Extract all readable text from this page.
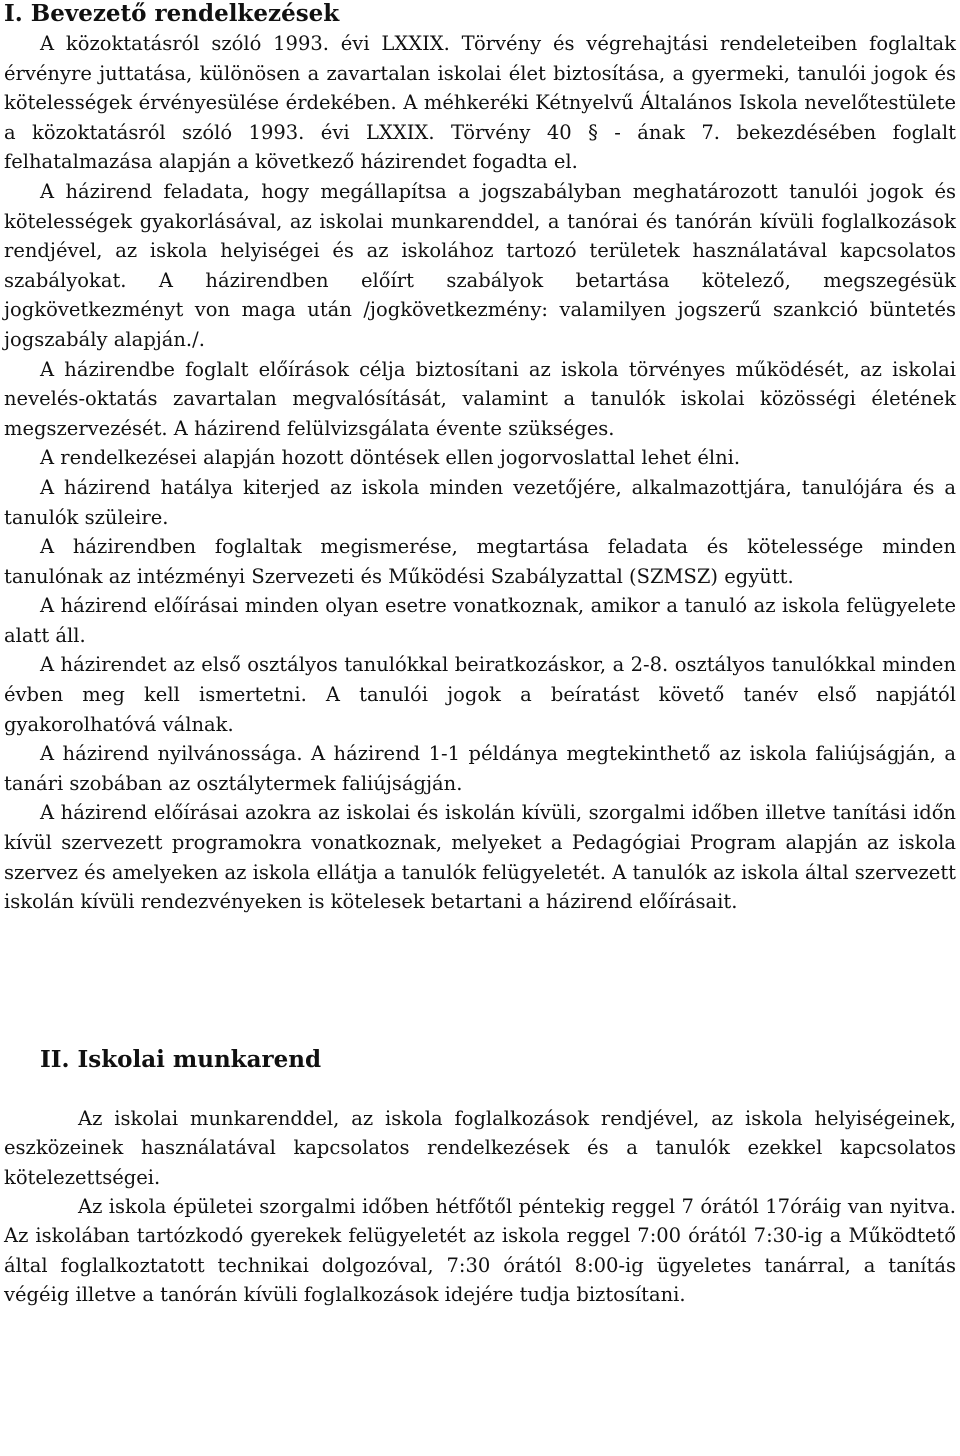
I. Bevezető rendelkezések

A közoktatásról szóló 1993. évi LXXIX. Törvény és végrehajtási rendeleteiben foglaltak érvényre juttatása, különösen a zavartalan iskolai élet biztosítása, a gyermeki, tanulói jogok és kötelességek érvényesülése érdekében. A méhkeréki Kétnyelvű Általános Iskola nevelőtestülete a közoktatásról szóló 1993. évi LXXIX. Törvény 40 § - ának 7. bekezdésében foglalt felhatalmazása alapján a következő házirendet fogadta el.

A házirend feladata, hogy megállapítsa a jogszabályban meghatározott tanulói jogok és kötelességek gyakorlásával, az iskolai munkarenddel, a tanórai és tanórán kívüli foglalkozások rendjével, az iskola helyiségei és az iskolához tartozó területek használatával kapcsolatos szabályokat. A házirendben előírt szabályok betartása kötelező, megszegésük jogkövetkezményt von maga után /jogkövetkezmény: valamilyen jogszerű szankció büntetés jogszabály alapján./.

A házirendbe foglalt előírások célja biztosítani az iskola törvényes működését, az iskolai nevelés-oktatás zavartalan megvalósítását, valamint a tanulók iskolai közösségi életének megszervezését. A házirend felülvizsgálata évente szükséges.

A rendelkezései alapján hozott döntések ellen jogorvoslattal lehet élni.

A házirend hatálya kiterjed az iskola minden vezetőjére, alkalmazottjára, tanulójára és a tanulók szüleire.

A házirendben foglaltak megismerése, megtartása feladata és kötelessége minden tanulónak az intézményi Szervezeti és Működési Szabályzattal (SZMSZ) együtt.

A házirend előírásai minden olyan esetre vonatkoznak, amikor a tanuló az iskola felügyelete alatt áll.

A házirendet az első osztályos tanulókkal beiratkozáskor, a 2-8. osztályos tanulókkal minden évben meg kell ismertetni. A tanulói jogok a beíratást követő tanév első napjától gyakorolhatóvá válnak.

A házirend nyilvánossága. A házirend 1-1 példánya megtekinthető az iskola faliújságján, a tanári szobában az osztálytermek faliújságján.

A házirend előírásai azokra az iskolai és iskolán kívüli, szorgalmi időben illetve tanítási időn kívül szervezett programokra vonatkoznak, melyeket a Pedagógiai Program alapján az iskola szervez és amelyeken az iskola ellátja a tanulók felügyeletét. A tanulók az iskola által szervezett iskolán kívüli rendezvényeken is kötelesek betartani a házirend előírásait.

II. Iskolai munkarend

Az iskolai munkarenddel, az iskola foglalkozások rendjével, az iskola helyiségeinek, eszközeinek használatával kapcsolatos rendelkezések és a tanulók ezekkel kapcsolatos kötelezettségei.

Az iskola épületei szorgalmi időben hétfőtől péntekig reggel 7 órától 17óráig van nyitva. Az iskolában tartózkodó gyerekek felügyeletét az iskola reggel 7:00 órától 7:30-ig a Működtető által foglalkoztatott technikai dolgozóval, 7:30 órától 8:00-ig ügyeletes tanárral, a tanítás végéig illetve a tanórán kívüli foglalkozások idejére tudja biztosítani.
